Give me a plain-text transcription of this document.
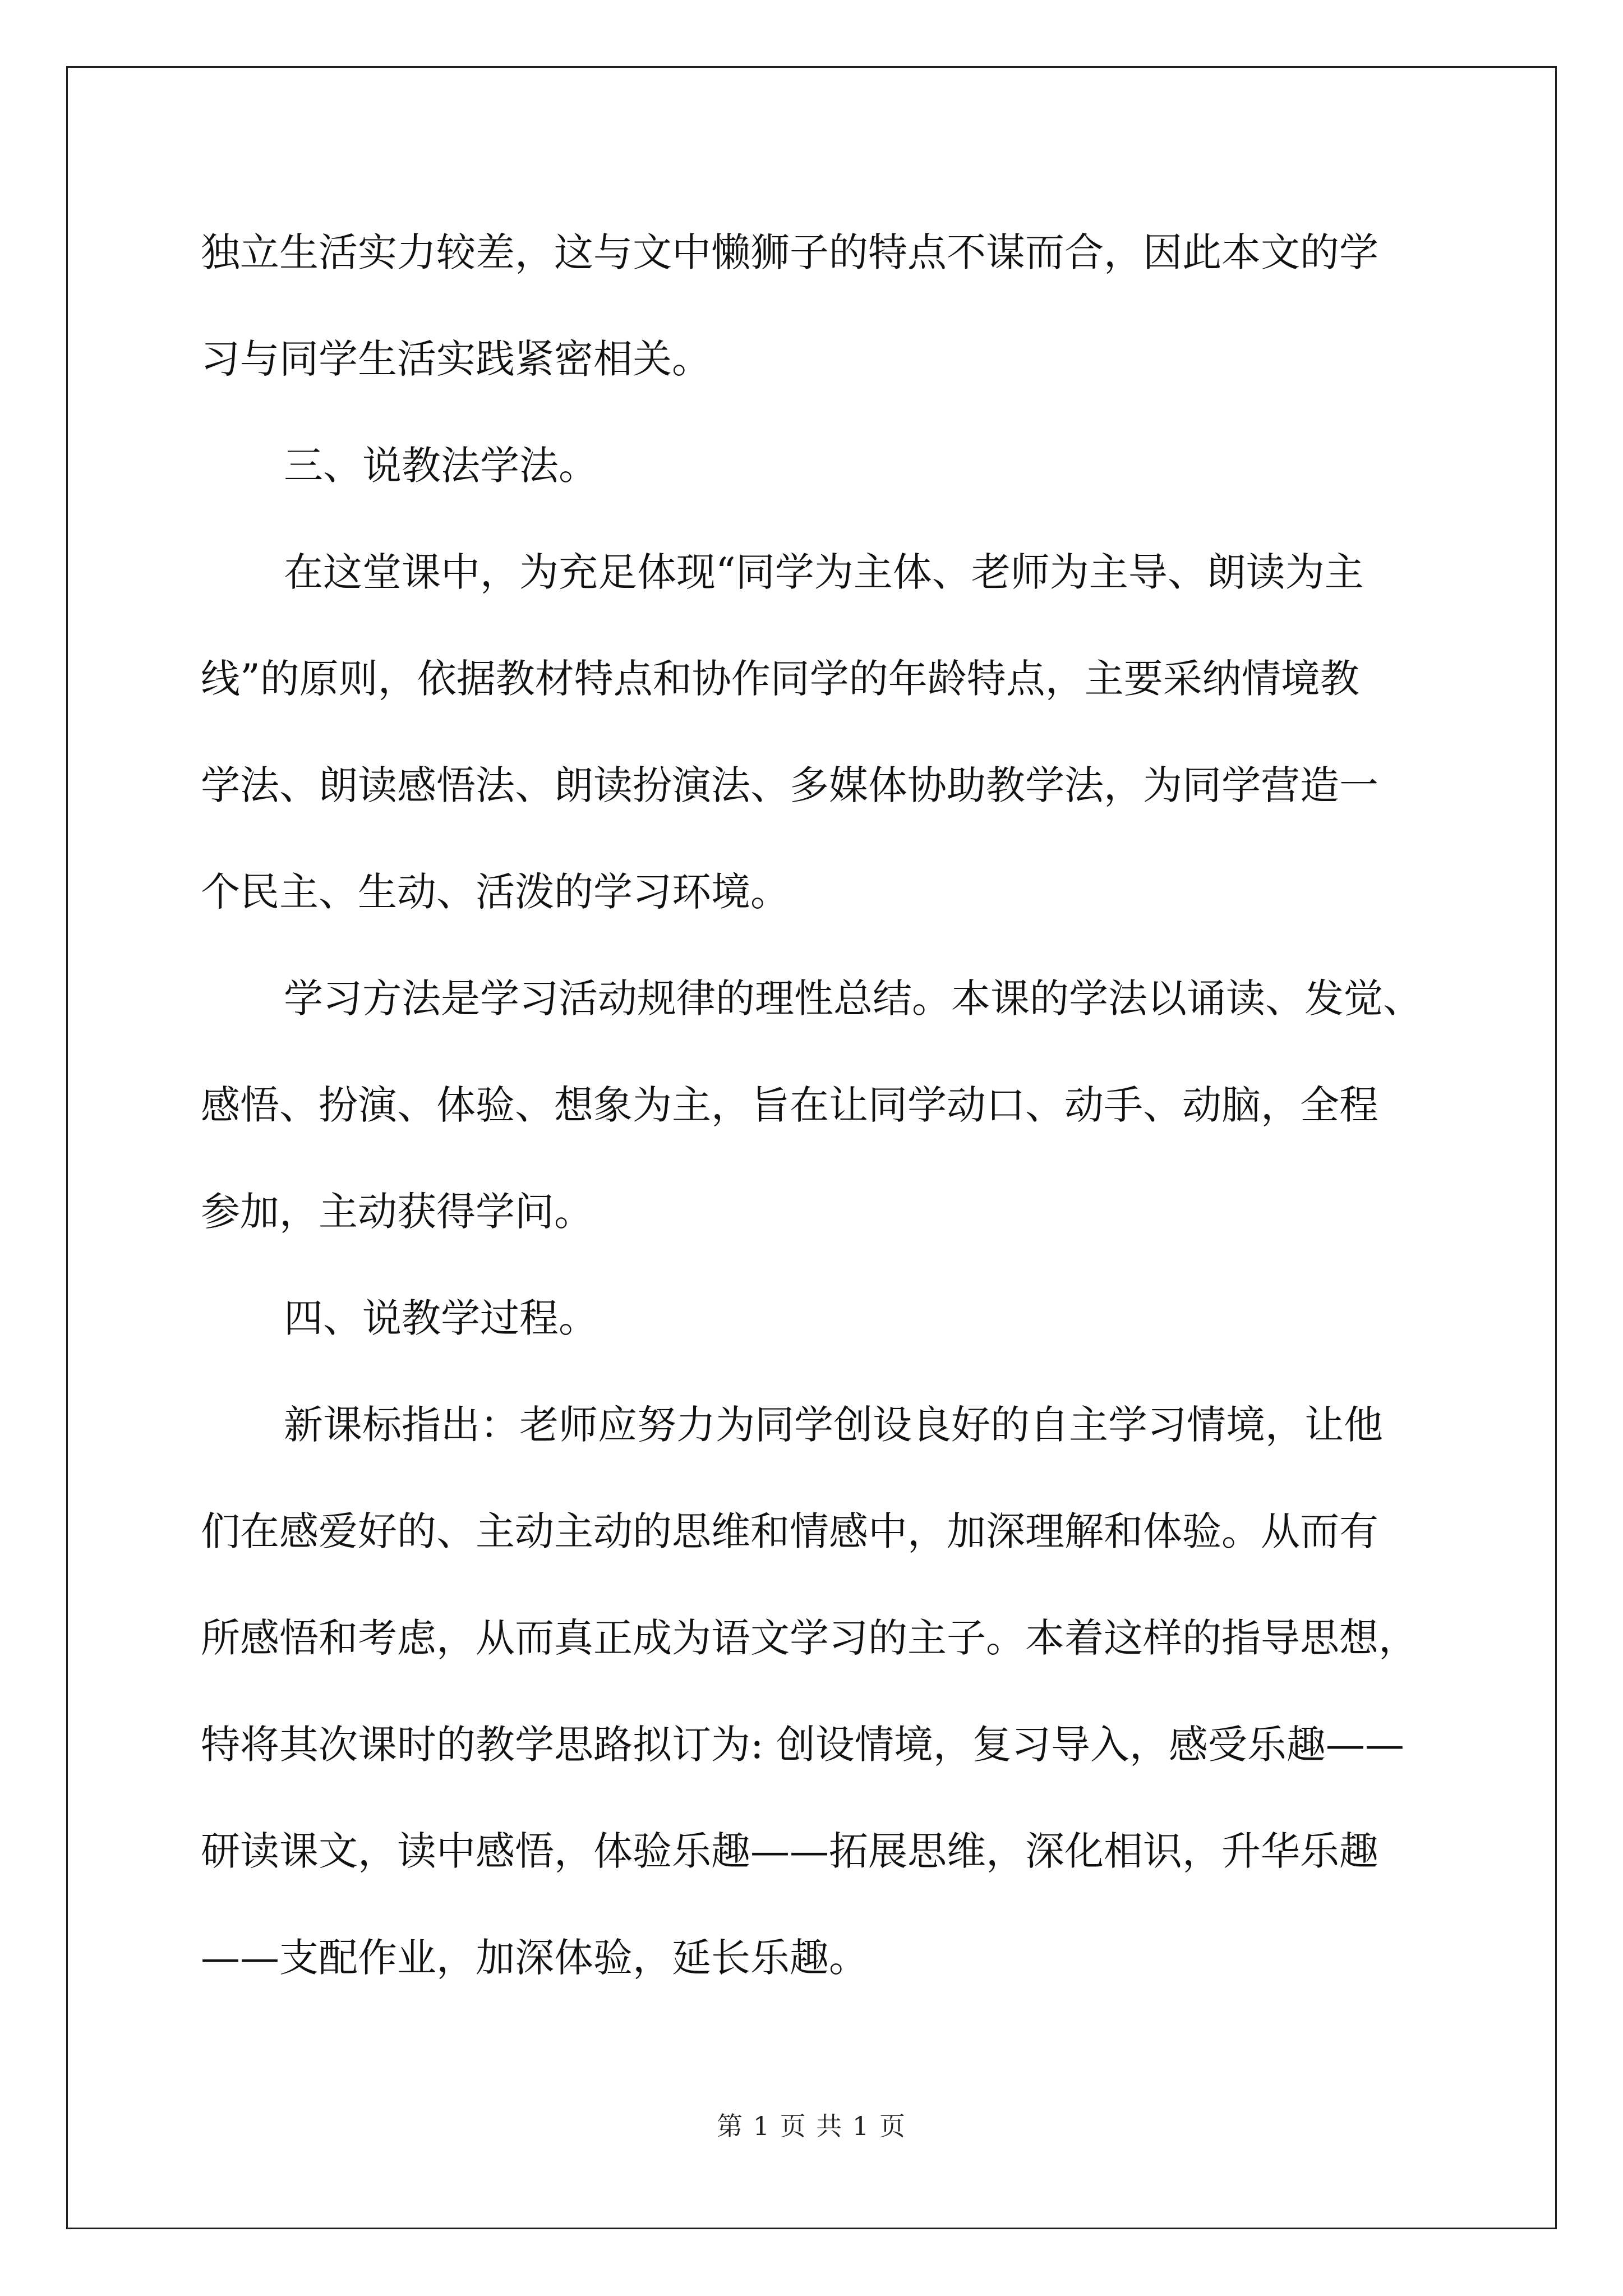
独立生活实力较差，这与文中懒狮子的特点不谋而合，因此本文的学
习与同学生活实践紧密相关。
三、说教法学法。
在这堂课中，为充足体现“同学为主体、老师为主导、朗读为主
线”的原则，依据教材特点和协作同学的年龄特点，主要采纳情境教
学法、朗读感悟法、朗读扮演法、多媒体协助教学法，为同学营造一
个民主、生动、活泼的学习环境。
学习方法是学习活动规律的理性总结。本课的学法以诵读、发觉、
感悟、扮演、体验、想象为主，旨在让同学动口、动手、动脑，全程
参加，主动获得学问。
四、说教学过程。
新课标指出：老师应努力为同学创设良好的自主学习情境，让他
们在感爱好的、主动主动的思维和情感中，加深理解和体验。从而有
所感悟和考虑，从而真正成为语文学习的主子。本着这样的指导思想，
特将其次课时的教学思路拟订为: 创设情境，复习导入，感受乐趣——
研读课文，读中感悟，体验乐趣——拓展思维，深化相识，升华乐趣
——支配作业，加深体验，延长乐趣。
第 1 页 共 1 页
